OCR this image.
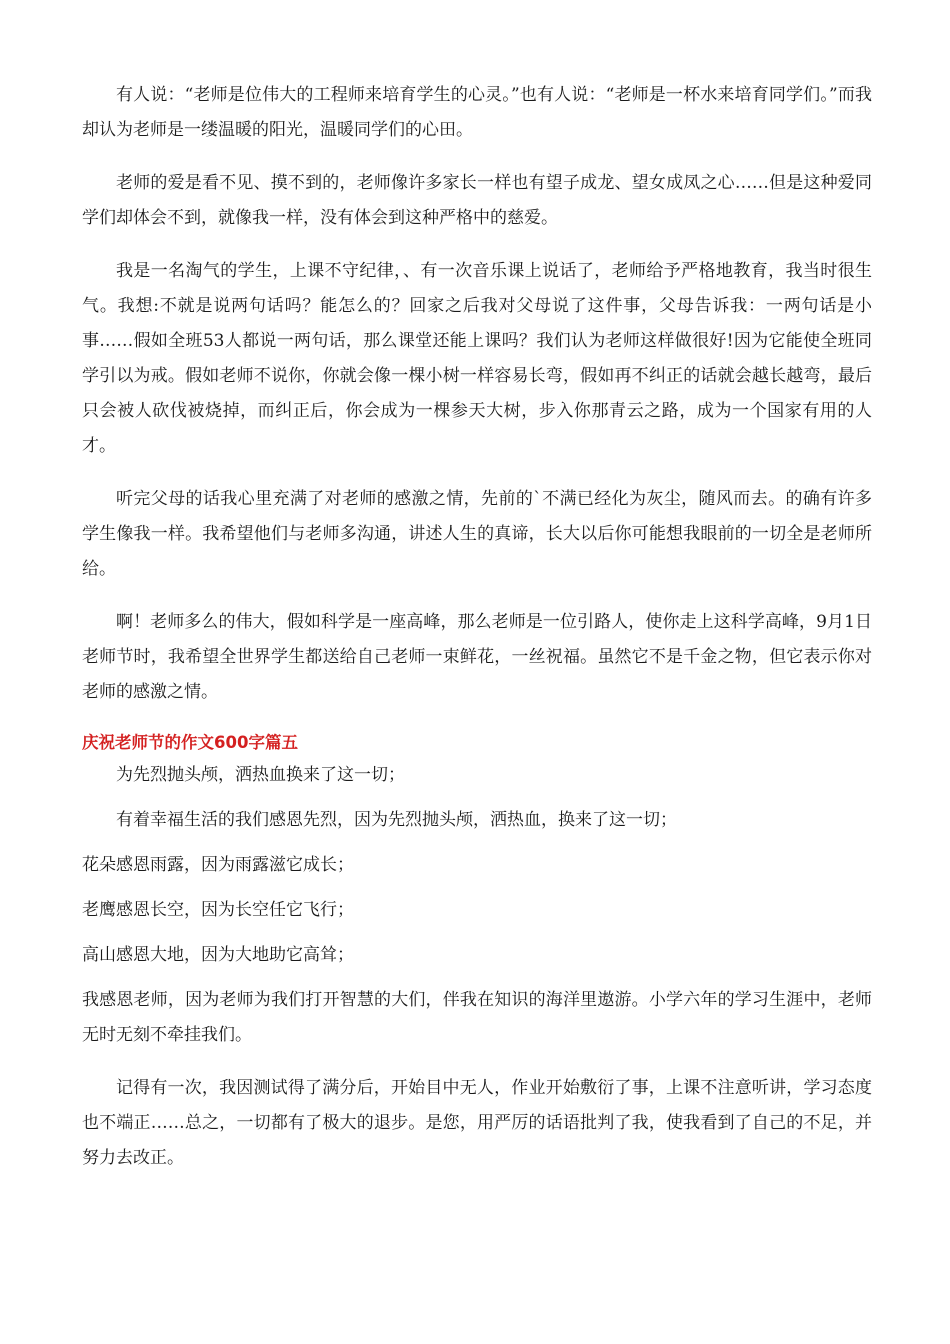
有人说：“老师是位伟大的工程师来培育学生的心灵。”也有人说：“老师是一杯水来培育同学们。”而我却认为老师是一缕温暖的阳光，温暖同学们的心田。

老师的爱是看不见、摸不到的，老师像许多家长一样也有望子成龙、望女成凤之心……但是这种爱同学们却体会不到，就像我一样，没有体会到这种严格中的慈爱。

我是一名淘气的学生，上课不守纪律，、有一次音乐课上说话了，老师给予严格地教育，我当时很生气。我想:不就是说两句话吗？能怎么的？回家之后我对父母说了这件事，父母告诉我：一两句话是小事……假如全班53人都说一两句话，那么课堂还能上课吗？我们认为老师这样做很好!因为它能使全班同学引以为戒。假如老师不说你，你就会像一棵小树一样容易长弯，假如再不纠正的话就会越长越弯，最后只会被人砍伐被烧掉，而纠正后，你会成为一棵参天大树，步入你那青云之路，成为一个国家有用的人才。

听完父母的话我心里充满了对老师的感激之情，先前的`不满已经化为灰尘，随风而去。的确有许多学生像我一样。我希望他们与老师多沟通，讲述人生的真谛，长大以后你可能想我眼前的一切全是老师所给。

啊！老师多么的伟大，假如科学是一座高峰，那么老师是一位引路人，使你走上这科学高峰，9月1日老师节时，我希望全世界学生都送给自己老师一束鲜花，一丝祝福。虽然它不是千金之物，但它表示你对老师的感激之情。

庆祝老师节的作文600字篇五

为先烈抛头颅，洒热血换来了这一切；

有着幸福生活的我们感恩先烈，因为先烈抛头颅，洒热血，换来了这一切；

花朵感恩雨露，因为雨露滋它成长；

老鹰感恩长空，因为长空任它飞行；

高山感恩大地，因为大地助它高耸；

我感恩老师，因为老师为我们打开智慧的大们，伴我在知识的海洋里遨游。小学六年的学习生涯中，老师无时无刻不牵挂我们。

记得有一次，我因测试得了满分后，开始目中无人，作业开始敷衍了事，上课不注意听讲，学习态度也不端正……总之，一切都有了极大的退步。是您，用严厉的话语批判了我，使我看到了自己的不足，并努力去改正。
